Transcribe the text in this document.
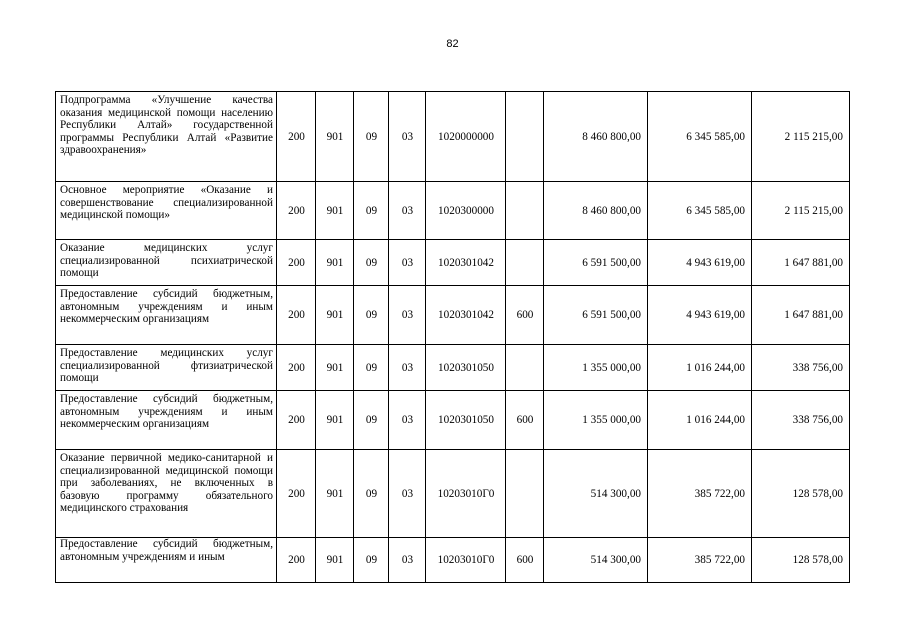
82
Подпрограмма «Улучшение качества оказания медицинской помощи населению Республики Алтай» государственной программы Республики Алтай «Развитие здравоохранения»	200	901	09	03	1020000000		8 460 800,00	6 345 585,00	2 115 215,00
Основное мероприятие «Оказание и совершенствование специализированной медицинской помощи»	200	901	09	03	1020300000		8 460 800,00	6 345 585,00	2 115 215,00
Оказание медицинских услуг специализированной психиатрической помощи	200	901	09	03	1020301042		6 591 500,00	4 943 619,00	1 647 881,00
Предоставление субсидий бюджетным, автономным учреждениям и иным некоммерческим организациям	200	901	09	03	1020301042	600	6 591 500,00	4 943 619,00	1 647 881,00
Предоставление медицинских услуг специализированной фтизиатрической помощи	200	901	09	03	1020301050		1 355 000,00	1 016 244,00	338 756,00
Предоставление субсидий бюджетным, автономным учреждениям и иным некоммерческим организациям	200	901	09	03	1020301050	600	1 355 000,00	1 016 244,00	338 756,00
Оказание первичной медико-санитарной и специализированной медицинской помощи при заболеваниях, не включенных в базовую программу обязательного медицинского страхования	200	901	09	03	10203010Г0		514 300,00	385 722,00	128 578,00

Предоставление субсидий бюджетным, автономным учреждениям и иным	200	901	09	03	10203010Г0	600	514 300,00	385 722,00	128 578,00
